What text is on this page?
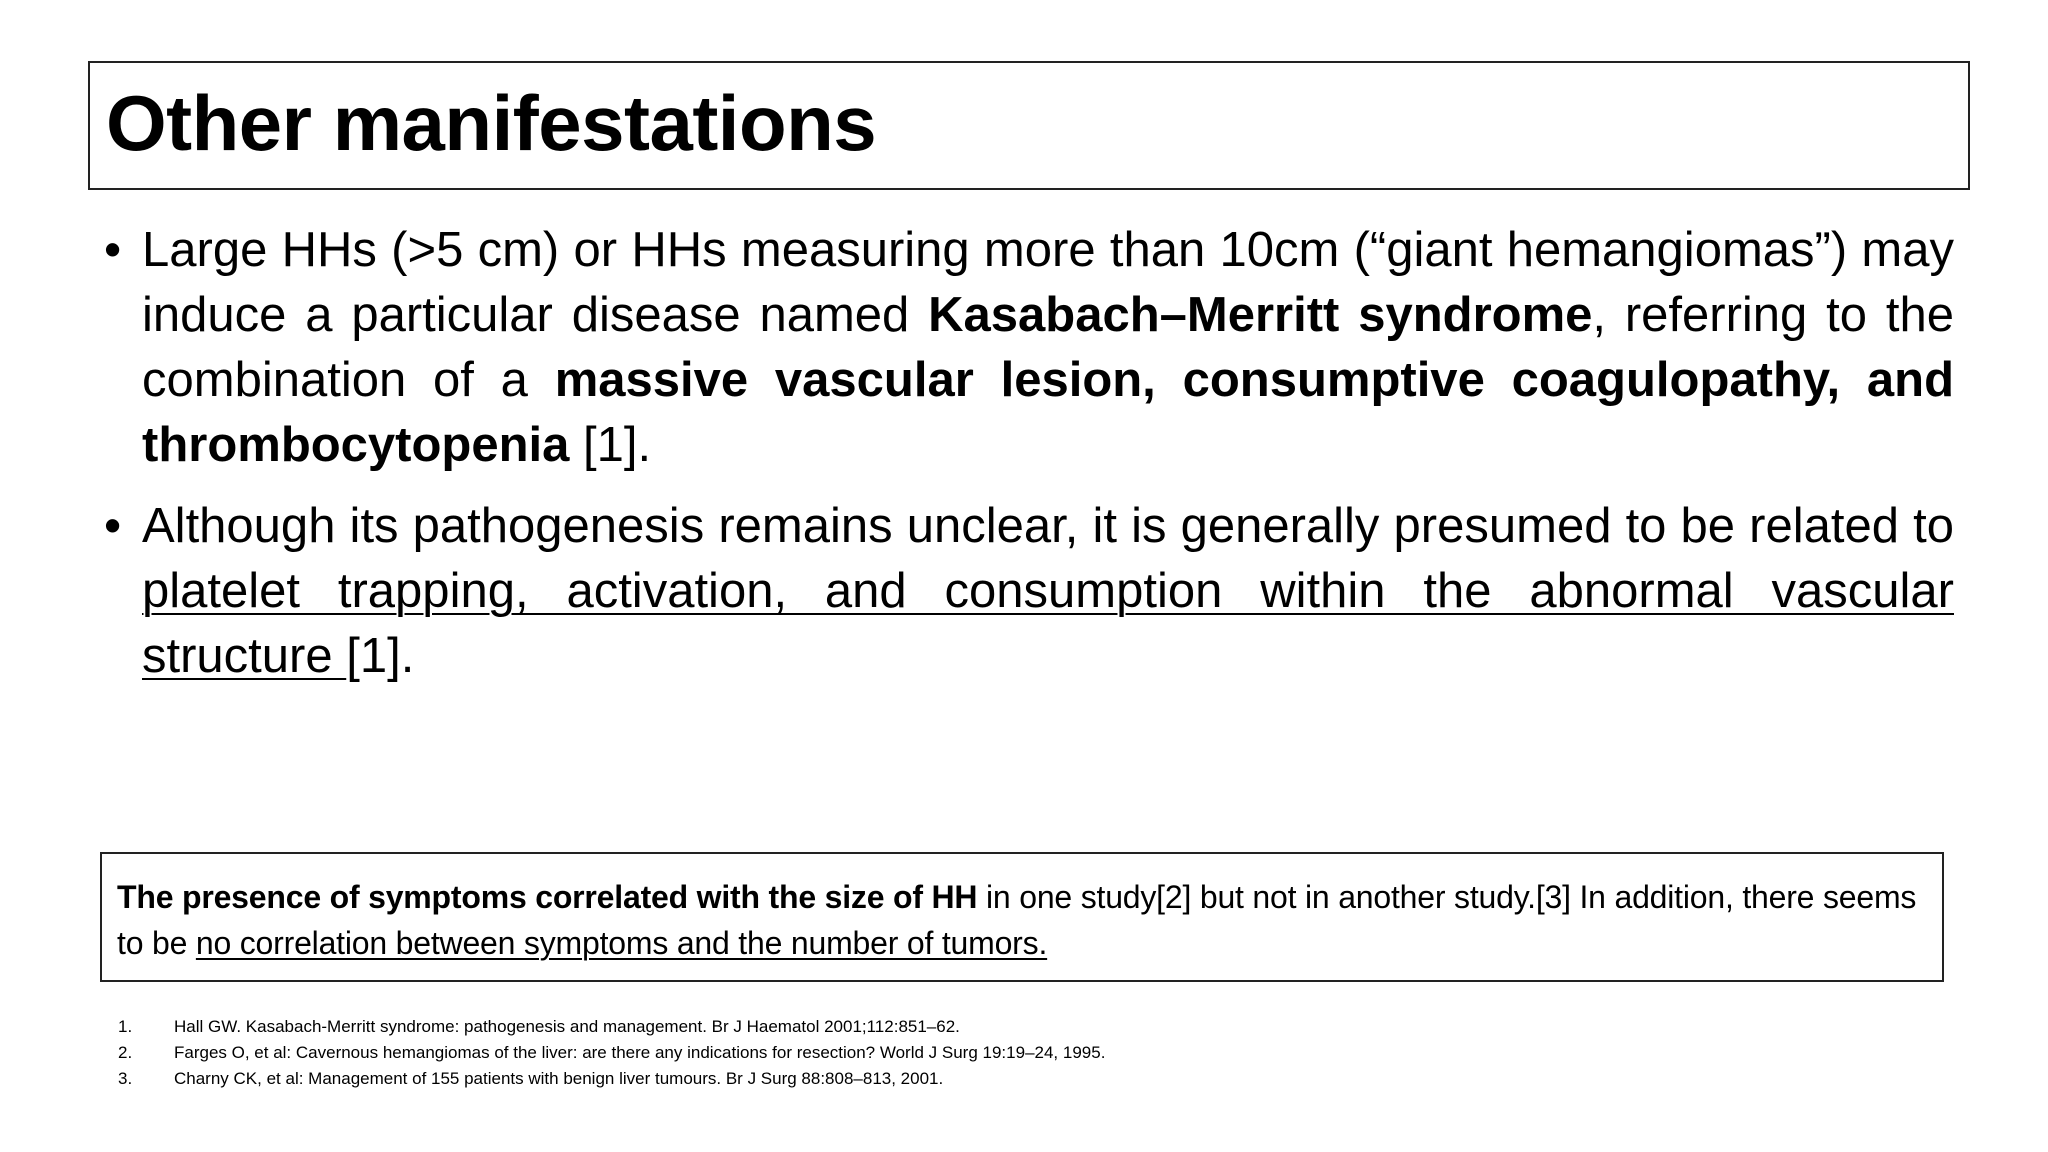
Other manifestations
• Large HHs (>5 cm) or HHs measuring more than 10cm (“giant hemangiomas”) may induce a particular disease named Kasabach–Merritt syndrome, referring to the combination of a massive vascular lesion, consumptive coagulopathy, and thrombocytopenia [1].
• Although its pathogenesis remains unclear, it is generally presumed to be related to platelet trapping, activation, and consumption within the abnormal vascular structure [1].

The presence of symptoms correlated with the size of HH in one study[2] but not in another study.[3] In addition, there seems to be no correlation between symptoms and the number of tumors.

1. Hall GW. Kasabach-Merritt syndrome: pathogenesis and management. Br J Haematol 2001;112:851–62.
2. Farges O, et al: Cavernous hemangiomas of the liver: are there any indications for resection? World J Surg 19:19–24, 1995.
3. Charny CK, et al: Management of 155 patients with benign liver tumours. Br J Surg 88:808–813, 2001.
